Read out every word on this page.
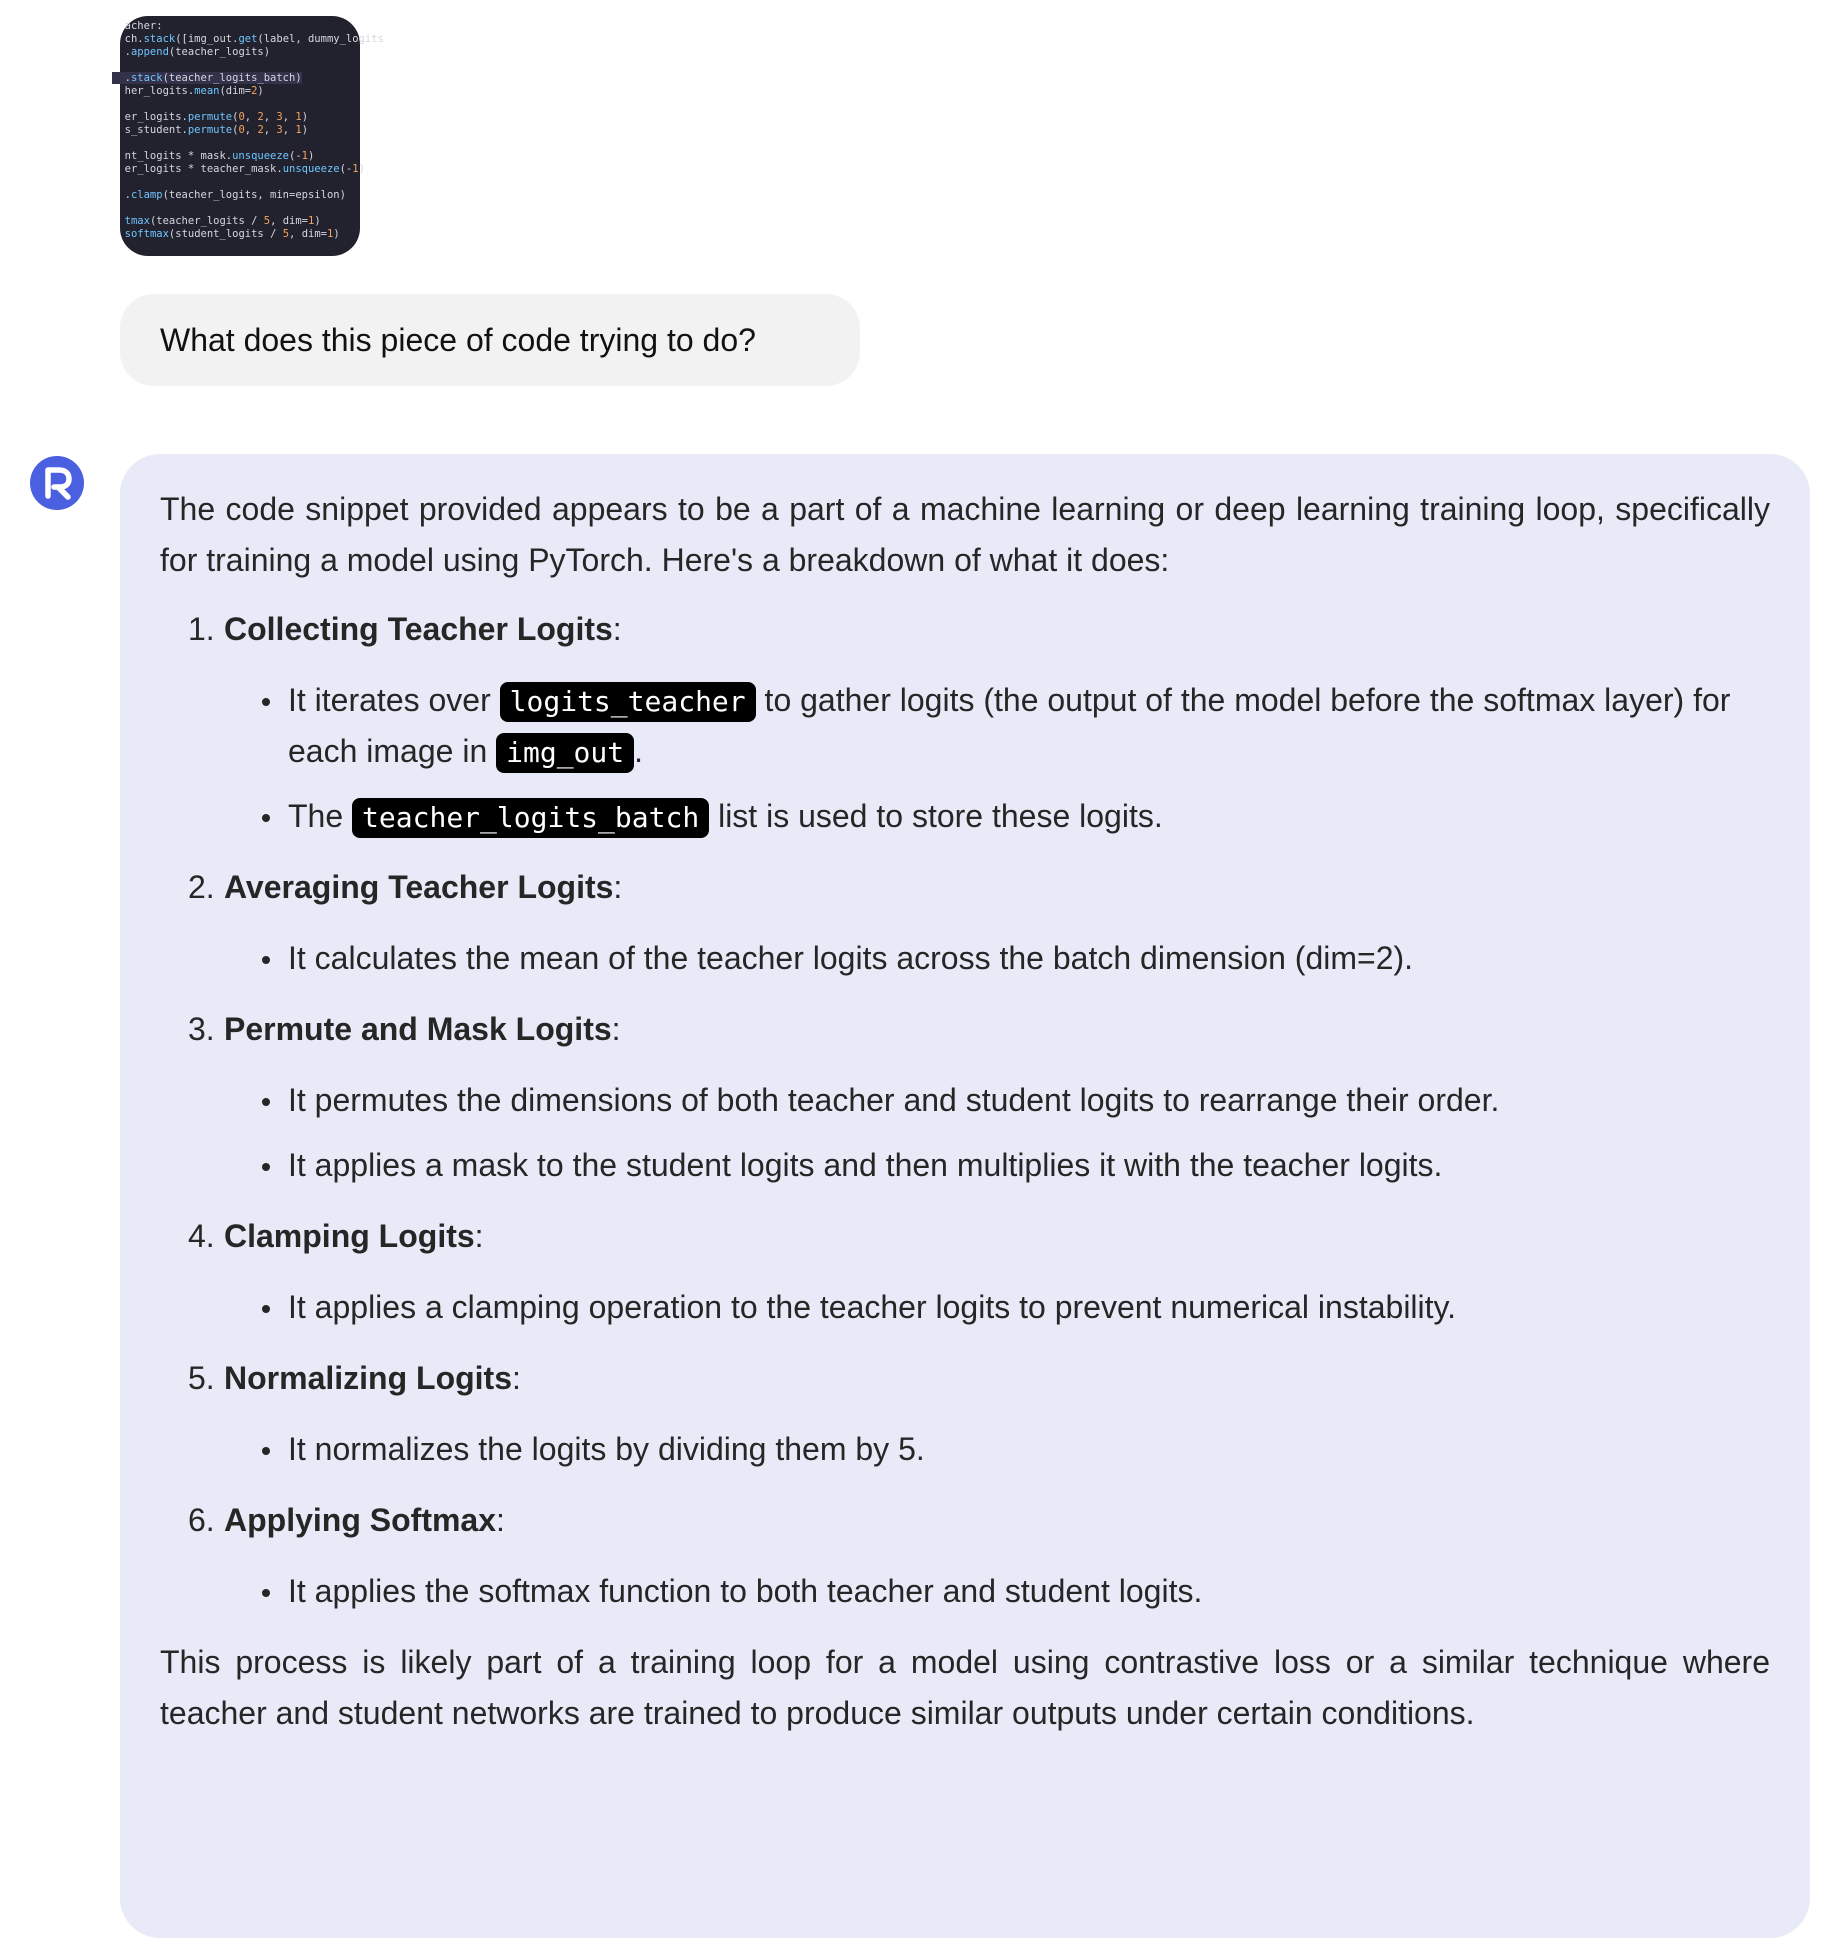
acher:
ch.stack([img_out.get(label, dummy_logits
.append(teacher_logits)

.stack(teacher_logits_batch)
her_logits.mean(dim=2)

er_logits.permute(0, 2, 3, 1)
s_student.permute(0, 2, 3, 1)

nt_logits * mask.unsqueeze(-1)
er_logits * teacher_mask.unsqueeze(-1)

.clamp(teacher_logits, min=epsilon)

tmax(teacher_logits / 5, dim=1)
softmax(student_logits / 5, dim=1)

What does this piece of code trying to do?

The code snippet provided appears to be a part of a machine learning or deep learning training loop, specifically for training a model using PyTorch. Here's a breakdown of what it does:

1. Collecting Teacher Logits:
It iterates over logits_teacher to gather logits (the output of the model before the softmax layer) for each image in img_out .
The teacher_logits_batch list is used to store these logits.
2. Averaging Teacher Logits:
It calculates the mean of the teacher logits across the batch dimension (dim=2).
3. Permute and Mask Logits:
It permutes the dimensions of both teacher and student logits to rearrange their order.
It applies a mask to the student logits and then multiplies it with the teacher logits.
4. Clamping Logits:
It applies a clamping operation to the teacher logits to prevent numerical instability.
5. Normalizing Logits:
It normalizes the logits by dividing them by 5.
6. Applying Softmax:
It applies the softmax function to both teacher and student logits.

This process is likely part of a training loop for a model using contrastive loss or a similar technique where teacher and student networks are trained to produce similar outputs under certain conditions.
